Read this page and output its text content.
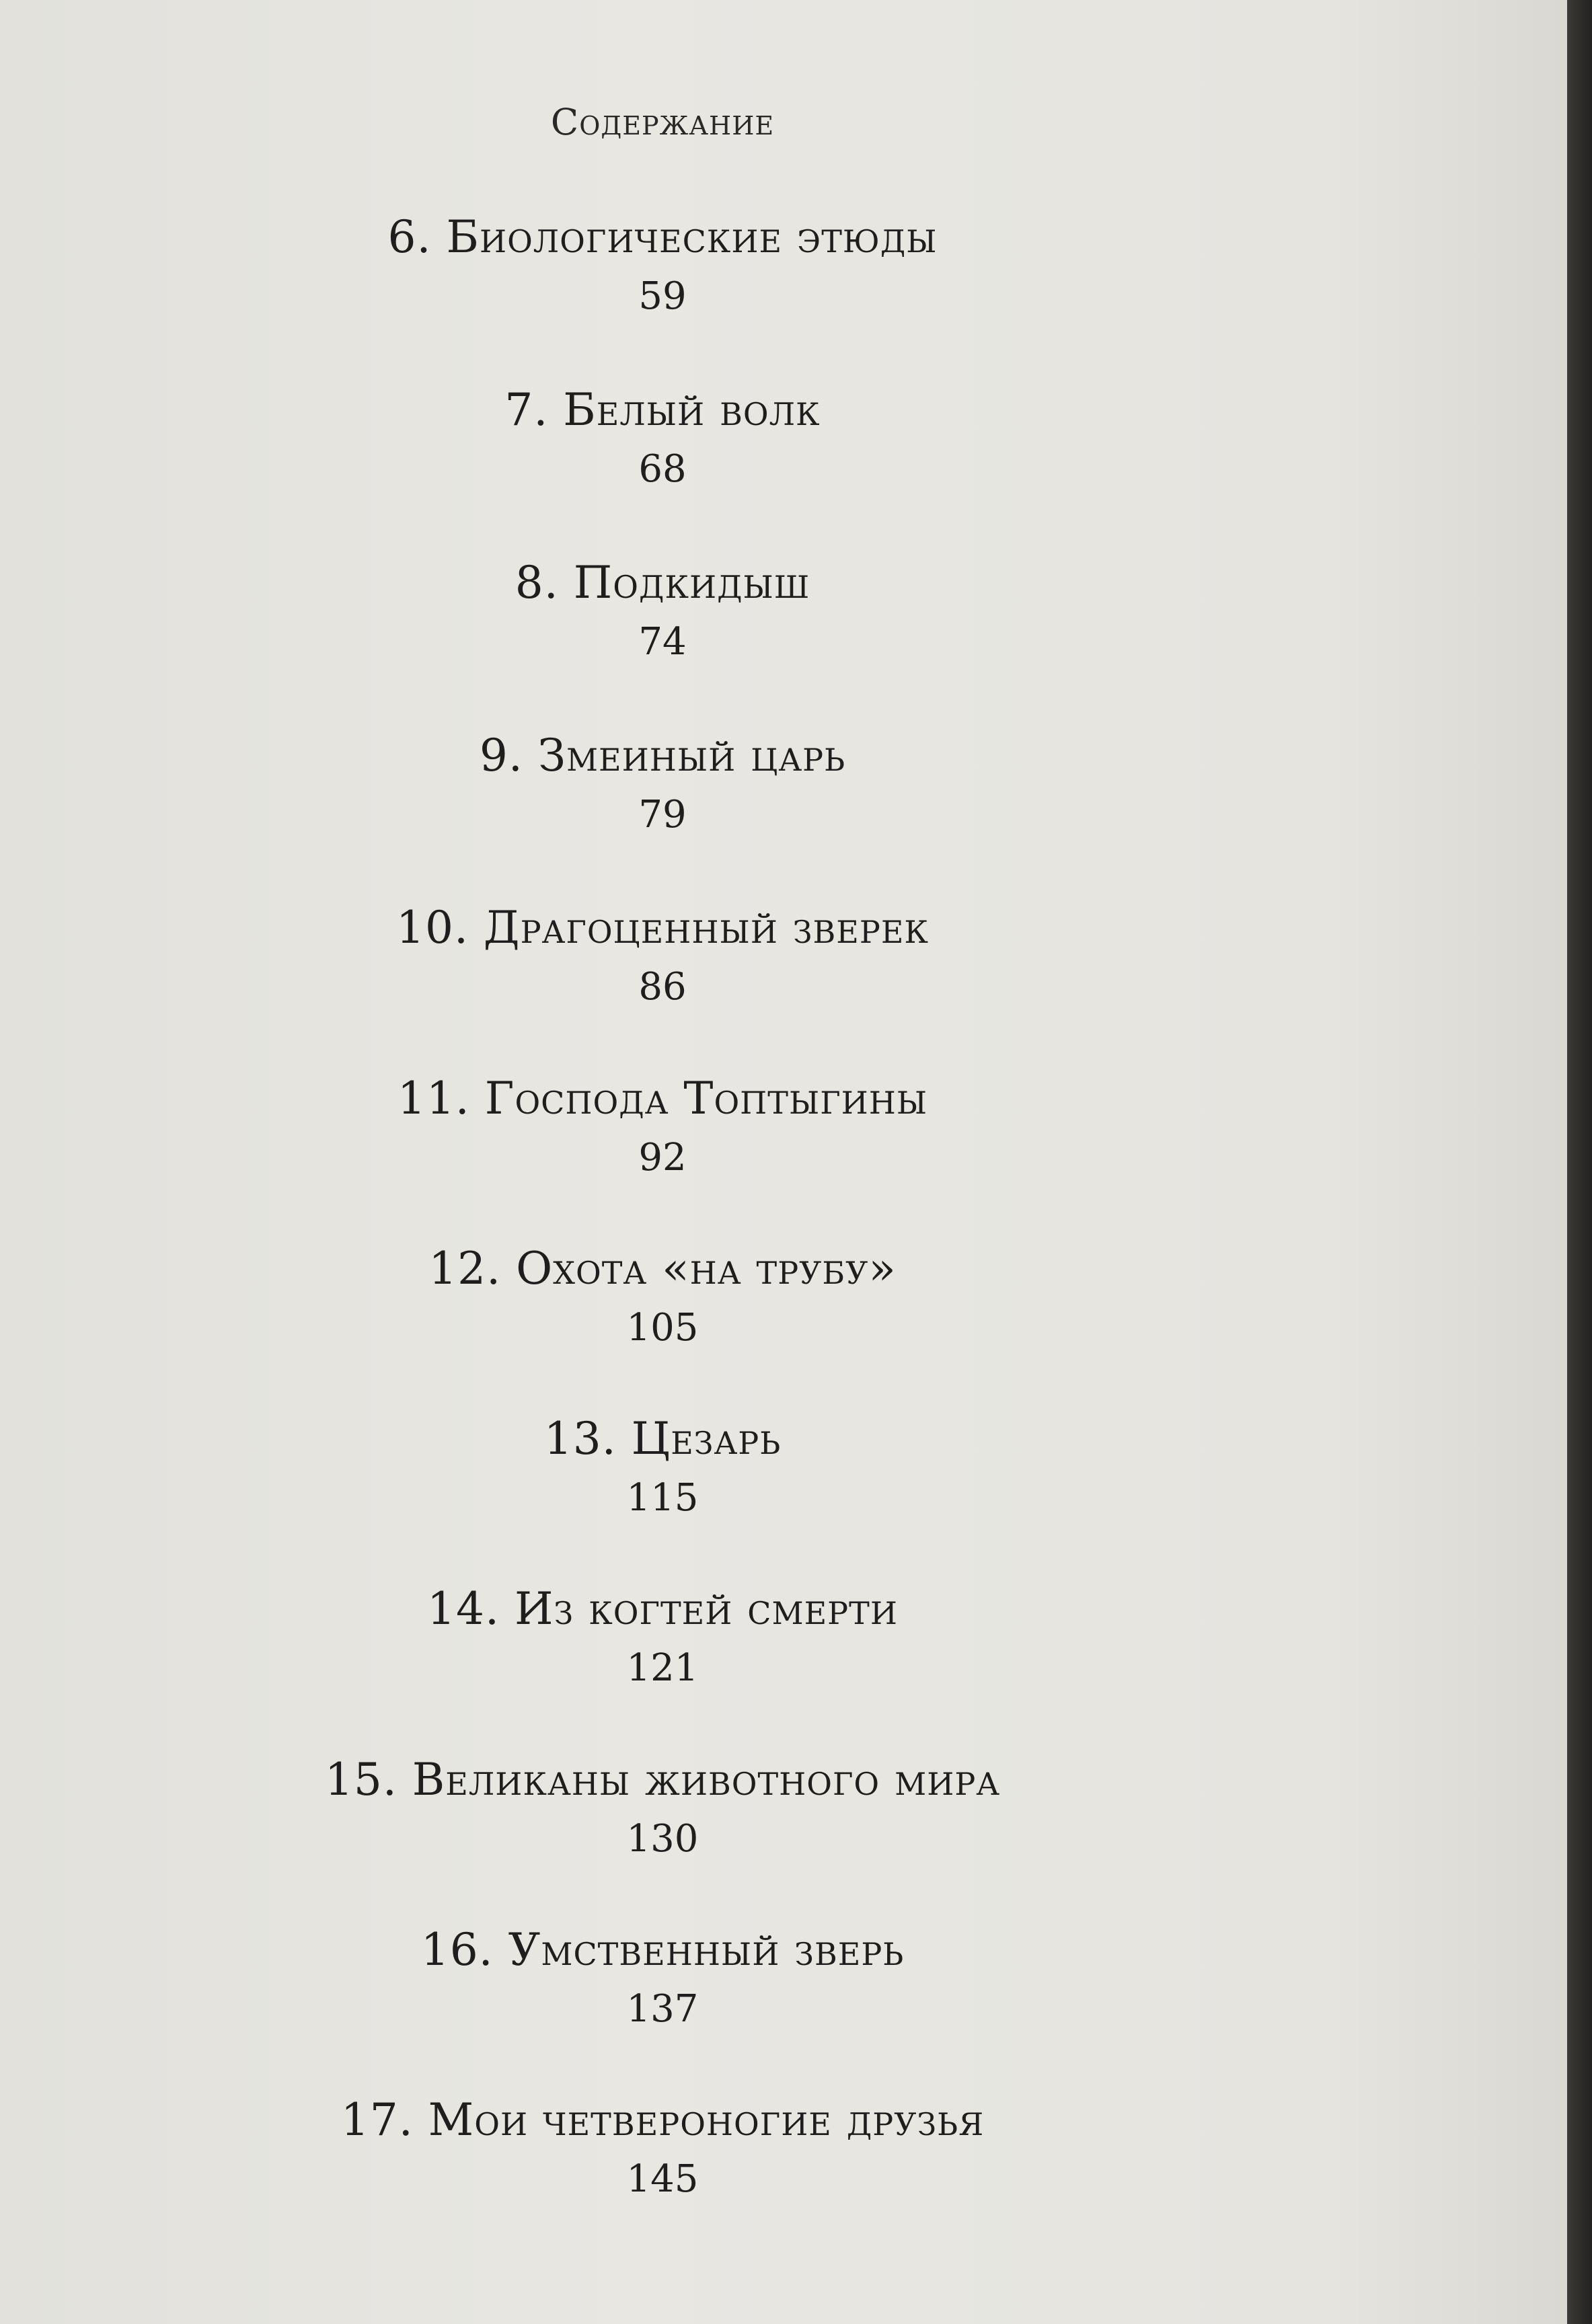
Содержание
6. Биологические этюды
59
7. Белый волк
68
8. Подкидыш
74
9. Змеиный царь
79
10. Драгоценный зверек
86
11. Господа Топтыгины
92
12. Охота «на трубу»
105
13. Цезарь
115
14. Из когтей смерти
121
15. Великаны животного мира
130
16. Умственный зверь
137
17. Мои четвероногие друзья
145
